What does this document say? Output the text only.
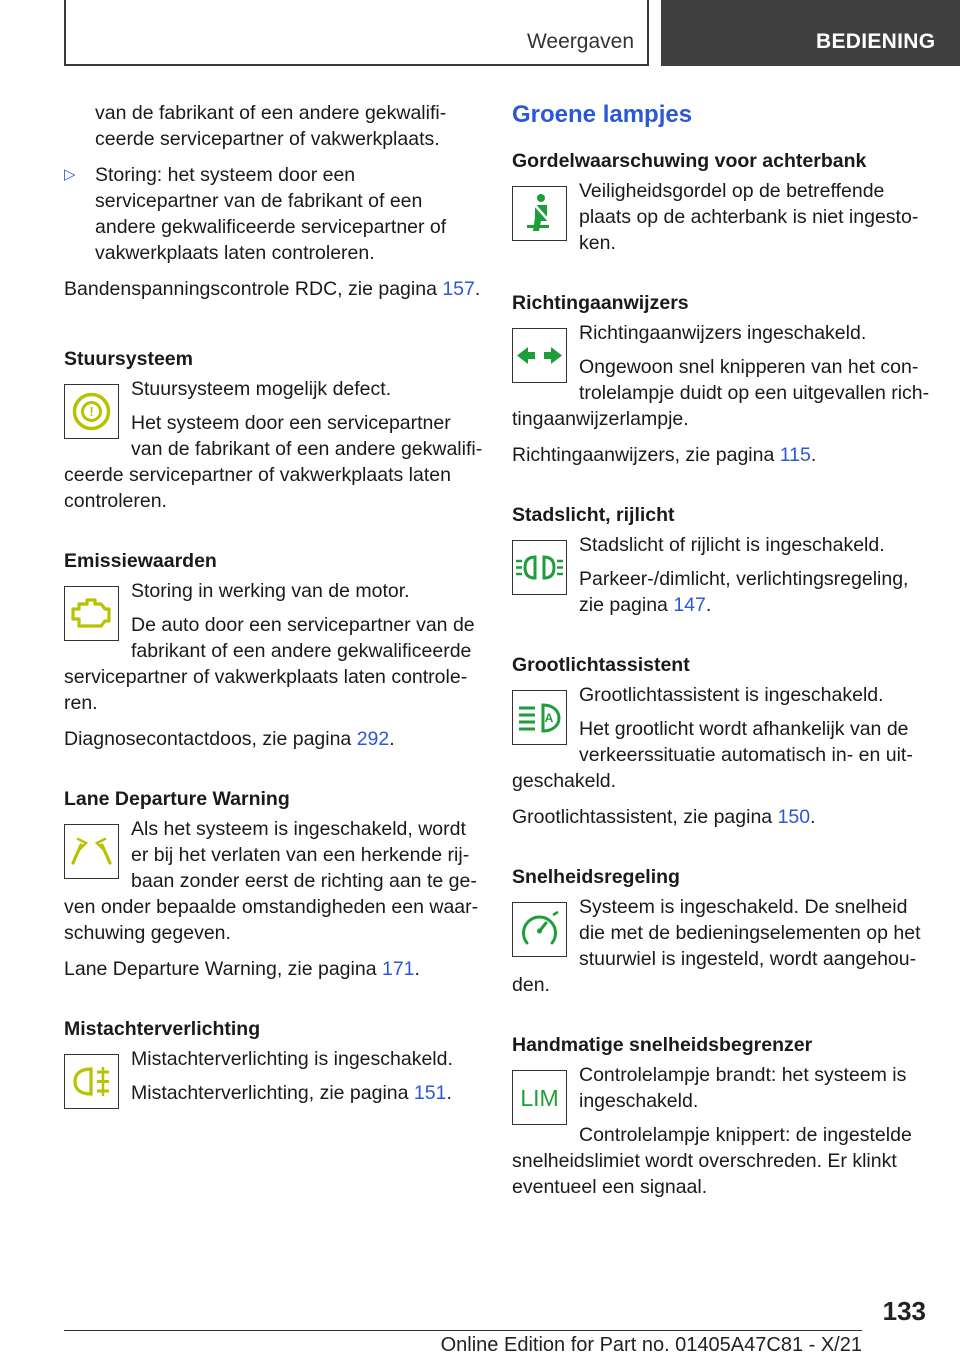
Weergaven	BEDIENING

van de fabrikant of een andere gekwalificeerde servicepartner of vakwerkplaats.

▷ Storing: het systeem door een servicepartner van de fabrikant of een andere gekwalificeerde servicepartner of vakwerkplaats laten controleren.

Bandenspanningscontrole RDC, zie pagina 157.

Stuursysteem

!

Stuursysteem mogelijk defect.

Het systeem door een servicepartner van de fabrikant of een andere gekwalificeerde servicepartner of vakwerkplaats laten controleren.

Emissiewaarden

Storing in werking van de motor.

De auto door een servicepartner van de fabrikant of een andere gekwalificeerde servicepartner of vakwerkplaats laten controleren.

Diagnosecontactdoos, zie pagina 292.

Lane Departure Warning

Als het systeem is ingeschakeld, wordt er bij het verlaten van een herkende rijbaan zonder eerst de richting aan te geven onder bepaalde omstandigheden een waarschuwing gegeven.

Lane Departure Warning, zie pagina 171.

Mistachterverlichting

Mistachterverlichting is ingeschakeld.

Mistachterverlichting, zie pagina 151.

Groene lampjes

Gordelwaarschuwing voor achterbank

Veiligheidsgordel op de betreffende plaats op de achterbank is niet ingestoken.

Richtingaanwijzers

Richtingaanwijzers ingeschakeld.

Ongewoon snel knipperen van het controlelampje duidt op een uitgevallen richtingaanwijzerlampje.

Richtingaanwijzers, zie pagina 115.

Stadslicht, rijlicht

Stadslicht of rijlicht is ingeschakeld.

Parkeer-/dimlicht, verlichtingsregeling, zie pagina 147.

Grootlichtassistent

A

Grootlichtassistent is ingeschakeld.

Het grootlicht wordt afhankelijk van de verkeerssituatie automatisch in- en uitgeschakeld.

Grootlichtassistent, zie pagina 150.

Snelheidsregeling

Systeem is ingeschakeld. De snelheid die met de bedieningselementen op het stuurwiel is ingesteld, wordt aangehouden.

Handmatige snelheidsbegrenzer

LIM

Controlelampje brandt: het systeem is ingeschakeld.

Controlelampje knippert: de ingestelde snelheidslimiet wordt overschreden. Er klinkt eventueel een signaal.

133
Online Edition for Part no. 01405A47C81 - X/21
